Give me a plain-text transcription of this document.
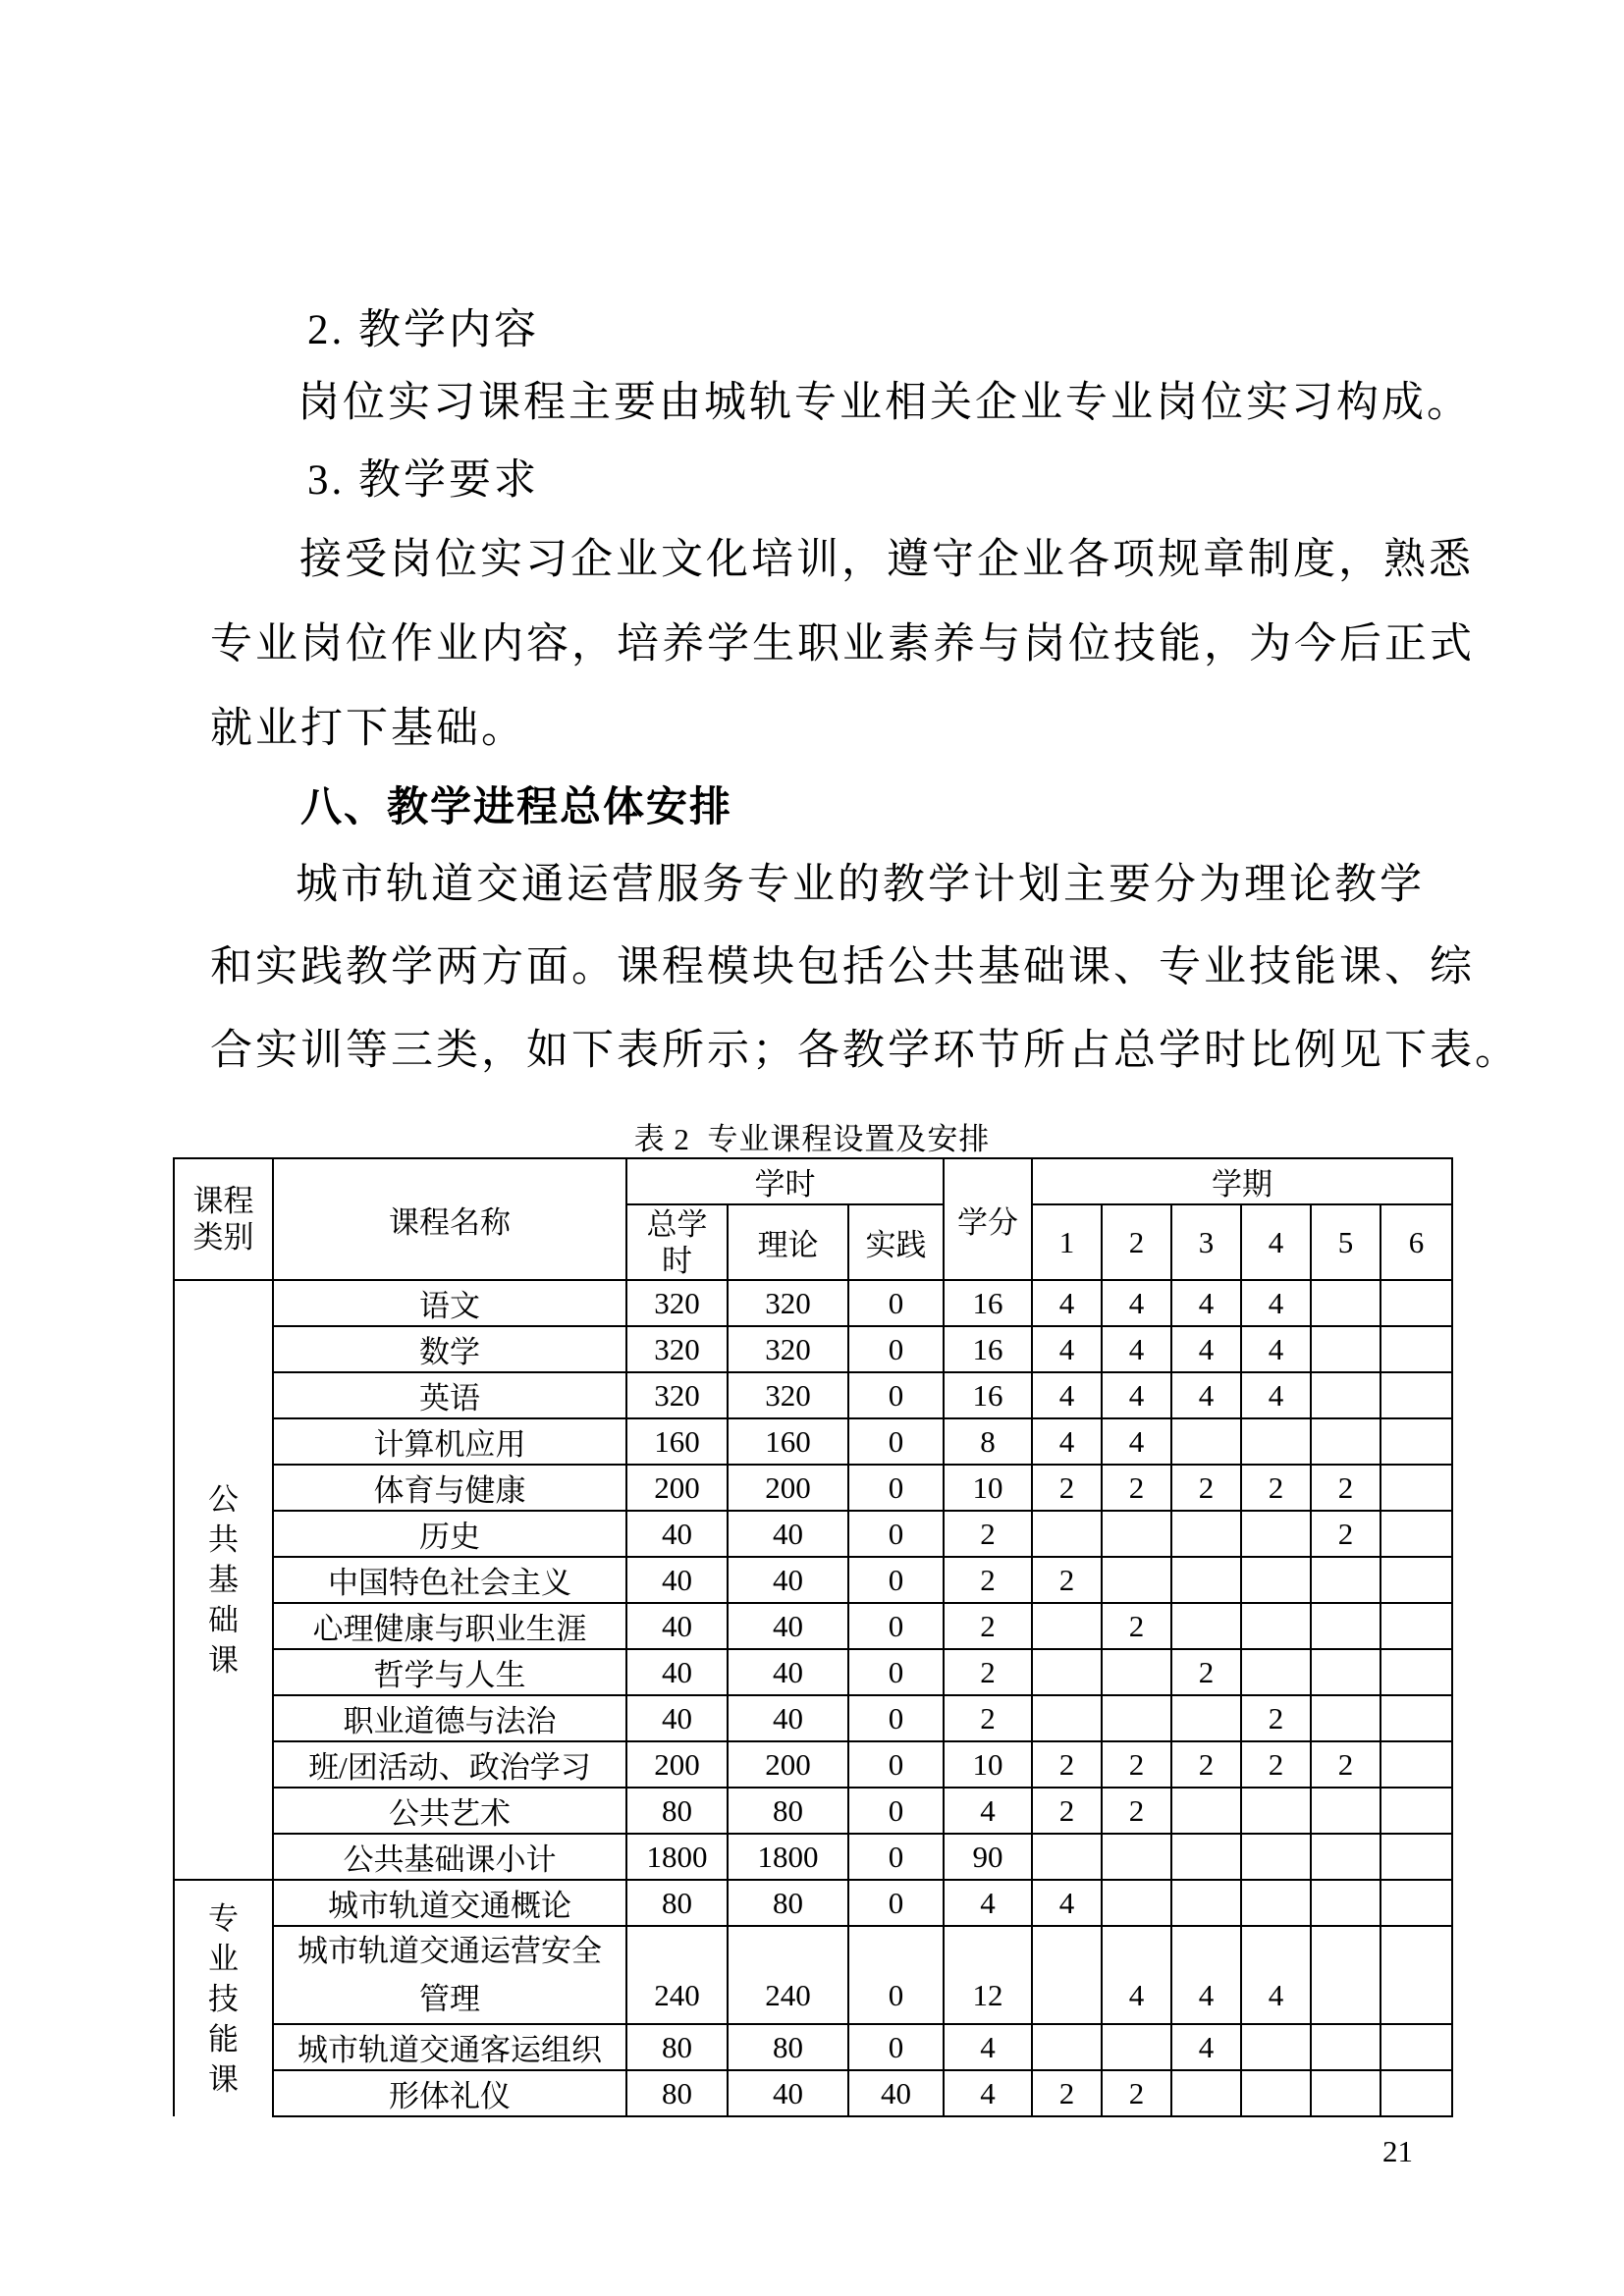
2. 教学内容
岗位实习课程主要由城轨专业相关企业专业岗位实习构成。
3. 教学要求
接受岗位实习企业文化培训，遵守企业各项规章制度，熟悉
专业岗位作业内容，培养学生职业素养与岗位技能，为今后正式
就业打下基础。
八、教学进程总体安排
城市轨道交通运营服务专业的教学计划主要分为理论教学
和实践教学两方面。课程模块包括公共基础课、专业技能课、综
合实训等三类，如下表所示；各教学环节所占总学时比例见下表。
表 2  专业课程设置及安排
课程类别	课程名称	学时			学分	学期					
		总学时	理论	实践		1	2	3	4	5	6

公
共
基
础
课	语文	320	320	0	16	4	4	4	4		
	数学	320	320	0	16	4	4	4	4		
	英语	320	320	0	16	4	4	4	4		
	计算机应用	160	160	0	8	4	4				
	体育与健康	200	200	0	10	2	2	2	2	2	
	历史	40	40	0	2					2	
	中国特色社会主义	40	40	0	2	2					
	心理健康与职业生涯	40	40	0	2		2				
	哲学与人生	40	40	0	2			2			
	职业道德与法治	40	40	0	2				2		
	班/团活动、政治学习	200	200	0	10	2	2	2	2	2	
	公共艺术	80	80	0	4	2	2				
	公共基础课小计	1800	1800	0	90						

专
业
技
能
课	城市轨道交通概论	80	80	0	4	4					
	城市轨道交通运营安全管理	240	240	0	12		4	4	4		
	城市轨道交通客运组织	80	80	0	4			4			
	形体礼仪	80	40	40	4	2	2				
21
